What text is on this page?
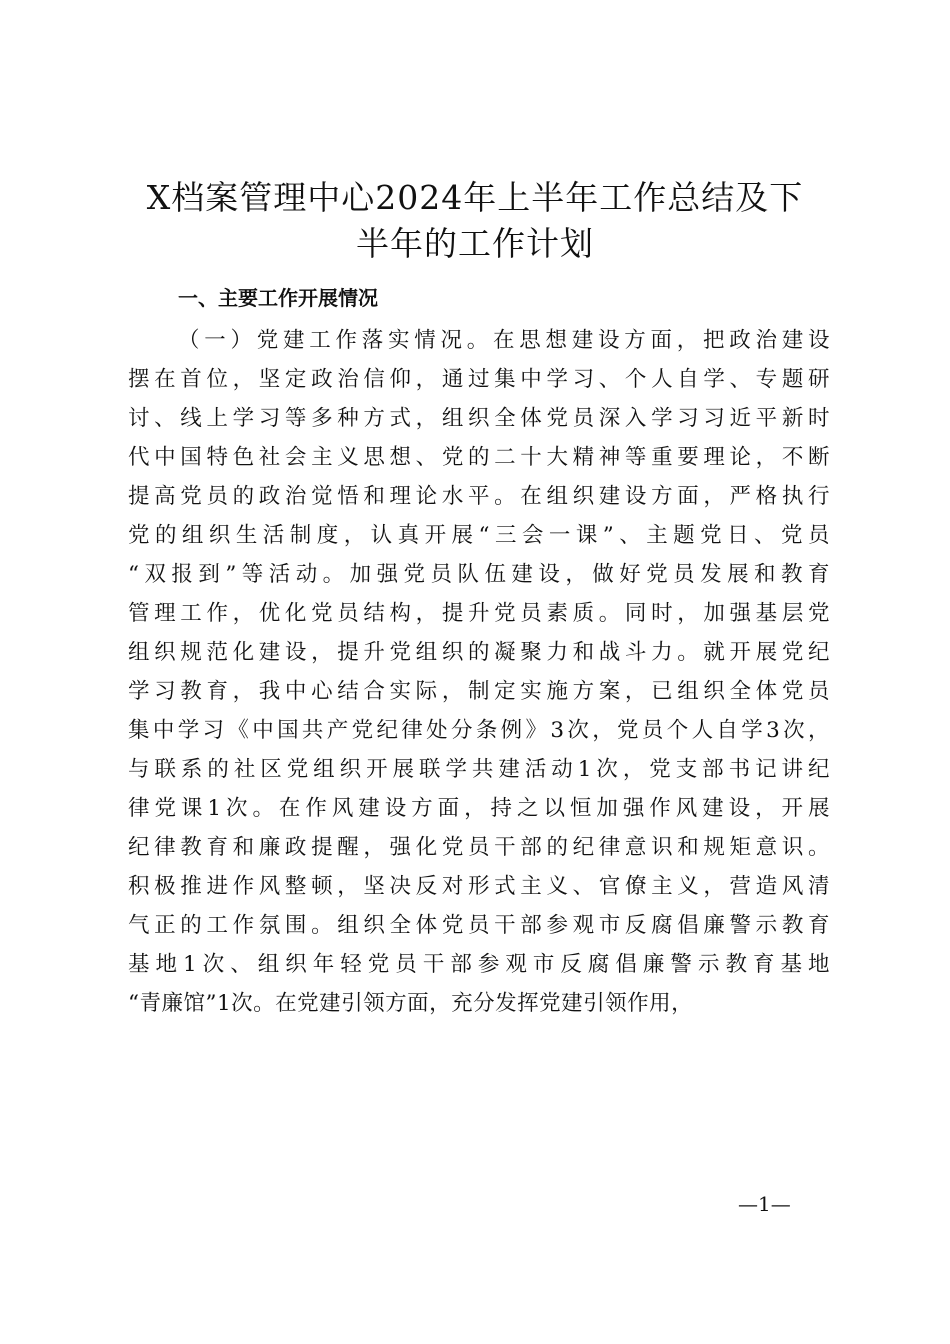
X档案管理中心2024年上半年工作总结及下
半年的工作计划
一、主要工作开展情况
（一）党建工作落实情况。在思想建设方面，把政治建设
摆在首位，坚定政治信仰，通过集中学习、个人自学、专题研
讨、线上学习等多种方式，组织全体党员深入学习习近平新时
代中国特色社会主义思想、党的二十大精神等重要理论，不断
提高党员的政治觉悟和理论水平。在组织建设方面，严格执行
党的组织生活制度，认真开展“三会一课”、主题党日、党员
“双报到”等活动。加强党员队伍建设，做好党员发展和教育
管理工作，优化党员结构，提升党员素质。同时，加强基层党
组织规范化建设，提升党组织的凝聚力和战斗力。就开展党纪
学习教育，我中心结合实际，制定实施方案，已组织全体党员
集中学习《中国共产党纪律处分条例》3次，党员个人自学3次，
与联系的社区党组织开展联学共建活动1次，党支部书记讲纪
律党课1次。在作风建设方面，持之以恒加强作风建设，开展
纪律教育和廉政提醒，强化党员干部的纪律意识和规矩意识。
积极推进作风整顿，坚决反对形式主义、官僚主义，营造风清
气正的工作氛围。组织全体党员干部参观市反腐倡廉警示教育
基地1次、组织年轻党员干部参观市反腐倡廉警示教育基地
“青廉馆”1次。在党建引领方面，充分发挥党建引领作用，
—1—
